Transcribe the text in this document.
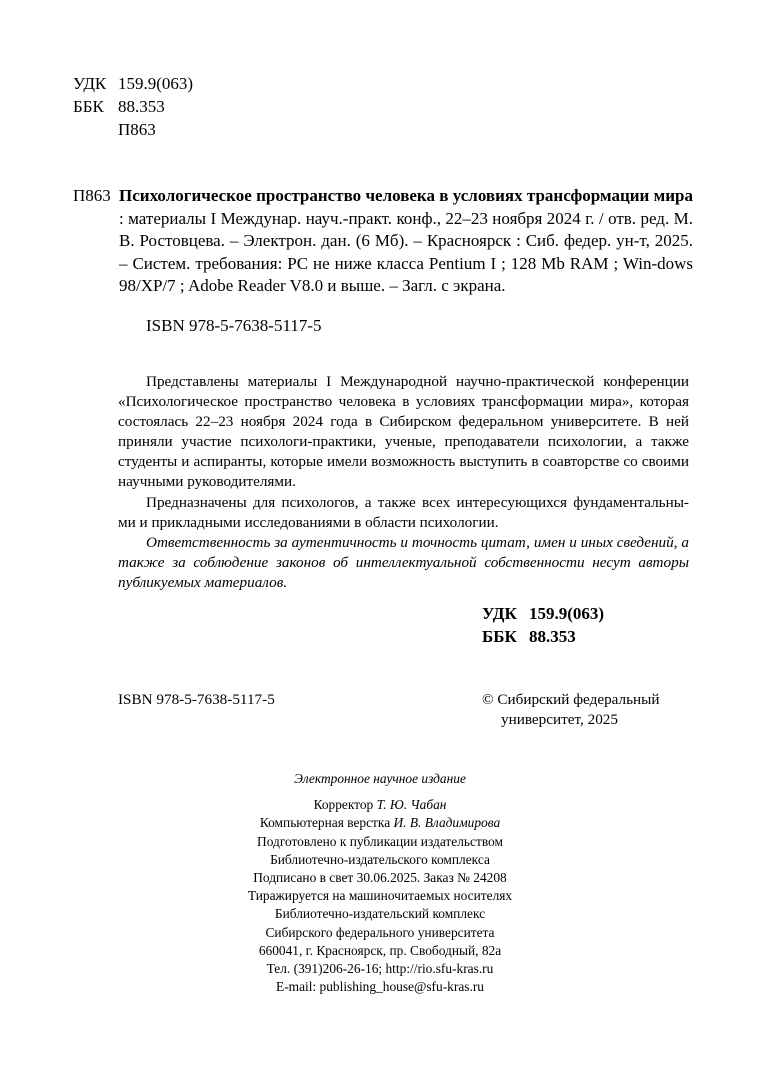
УДК 159.9(063)
ББК 88.353
П863
П863 Психологическое пространство человека в условиях трансформации мира : материалы I Междунар. науч.-практ. конф., 22–23 ноября 2024 г. / отв. ред. М. В. Ростовцева. – Электрон. дан. (6 Мб). – Красноярск : Сиб. федер. ун-т, 2025. – Систем. требования: PC не ниже класса Pentium I ; 128 Mb RAM ; Win-dows 98/XP/7 ; Adobe Reader V8.0 и выше. – Загл. с экрана.
ISBN 978-5-7638-5117-5

Представлены материалы I Международной научно-практической конференции «Психологическое пространство человека в условиях трансформации мира», которая состоялась 22–23 ноября 2024 года в Сибирском федеральном университете. В ней приняли участие психологи-практики, ученые, преподаватели психологии, а также студенты и аспиранты, которые имели возможность выступить в соавторстве со своими научными руководителями.

Предназначены для психологов, а также всех интересующихся фундаментальны-ми и прикладными исследованиями в области психологии.

Ответственность за аутентичность и точность цитат, имен и иных сведений, а также за соблюдение законов об интеллектуальной собственности несут авторы публикуемых материалов.

УДК 159.9(063)
ББК 88.353
ISBN 978-5-7638-5117-5	© Сибирский федеральный
университет, 2025
Электронное научное издание
Корректор Т. Ю. Чабан
Компьютерная верстка И. В. Владимирова
Подготовлено к публикации издательством
Библиотечно-издательского комплекса
Подписано в свет 30.06.2025. Заказ № 24208
Тиражируется на машиночитаемых носителях
Библиотечно-издательский комплекс
Сибирского федерального университета
660041, г. Красноярск, пр. Свободный, 82а
Тел. (391)206-26-16; http://rio.sfu-kras.ru
E-mail: publishing_house@sfu-kras.ru
